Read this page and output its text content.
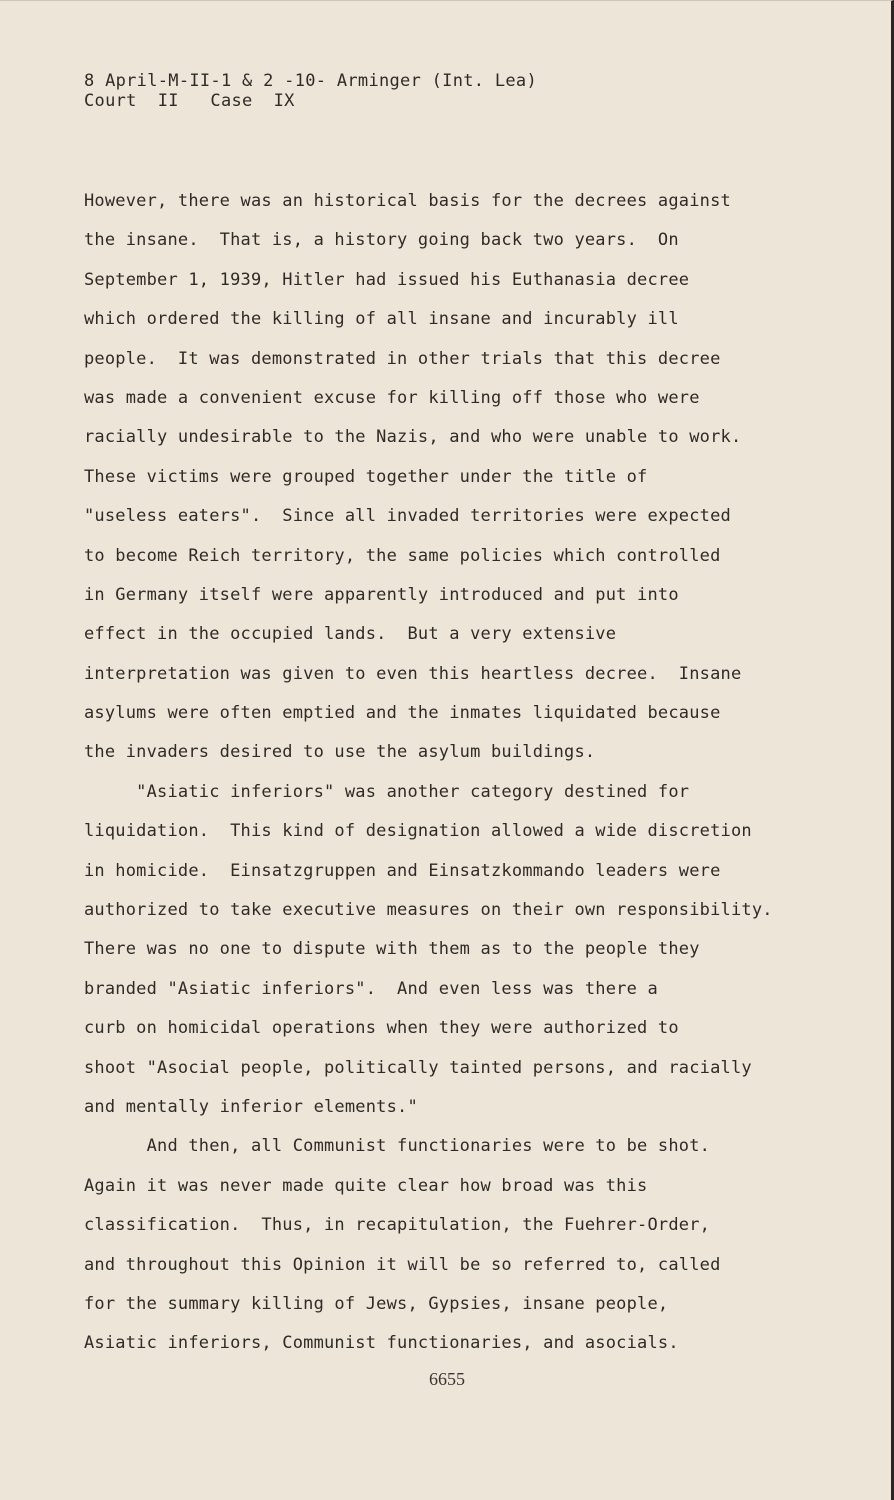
8 April-M-II-1 & 2 -10- Arminger (Int. Lea)
Court  II   Case  IX
However, there was an historical basis for the decrees against
the insane.  That is, a history going back two years.  On
September 1, 1939, Hitler had issued his Euthanasia decree
which ordered the killing of all insane and incurably ill
people.  It was demonstrated in other trials that this decree
was made a convenient excuse for killing off those who were
racially undesirable to the Nazis, and who were unable to work.
These victims were grouped together under the title of
"useless eaters".  Since all invaded territories were expected
to become Reich territory, the same policies which controlled
in Germany itself were apparently introduced and put into
effect in the occupied lands.  But a very extensive
interpretation was given to even this heartless decree.  Insane
asylums were often emptied and the inmates liquidated because
the invaders desired to use the asylum buildings.
"Asiatic inferiors" was another category destined for
liquidation.  This kind of designation allowed a wide discretion
in homicide.  Einsatzgruppen and Einsatzkommando leaders were
authorized to take executive measures on their own responsibility.
There was no one to dispute with them as to the people they
branded "Asiatic inferiors".  And even less was there a
curb on homicidal operations when they were authorized to
shoot "Asocial people, politically tainted persons, and racially
and mentally inferior elements."
And then, all Communist functionaries were to be shot.
Again it was never made quite clear how broad was this
classification.  Thus, in recapitulation, the Fuehrer-Order,
and throughout this Opinion it will be so referred to, called
for the summary killing of Jews, Gypsies, insane people,
Asiatic inferiors, Communist functionaries, and asocials.
6655
